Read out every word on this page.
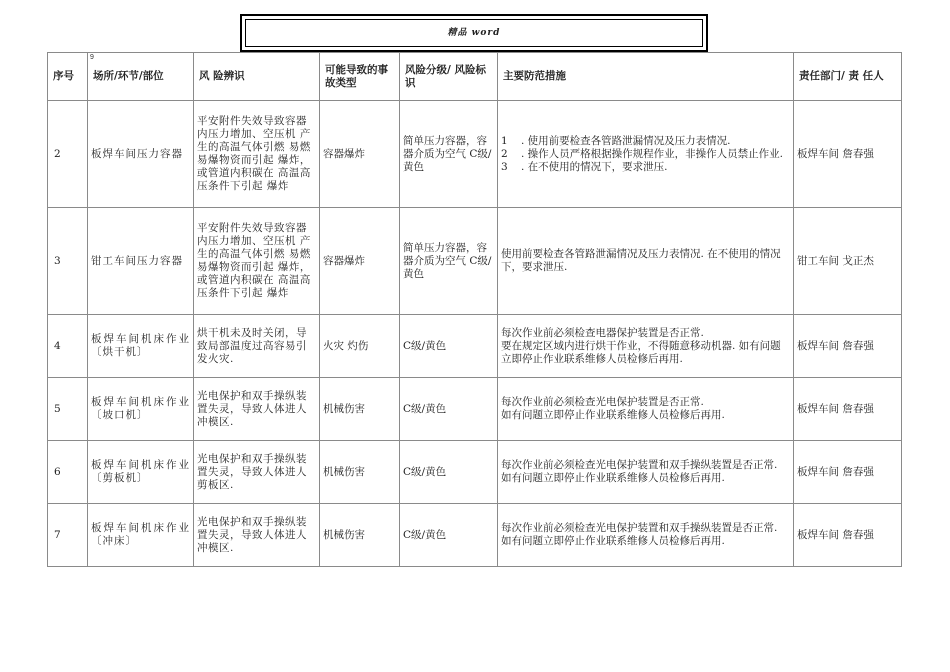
精品 word
9
序号	场所/环节/部位	风 险辨识	可能导致的事故类型	风险分级/ 风险标识	主要防范措施	责任部门/ 责 任人
2	板焊车间压力容器	平安附件失效导致容器内压力增加、空压机 产生的高温气体引燃 易燃易爆物资而引起 爆炸，或管道内积碳在 高温高压条件下引起 爆炸	容器爆炸	简单压力容器，容器介质为空气 C级/黄色	1 . 使用前要检查各管路泄漏情况及压力表情况.
2 . 操作人员严格根据操作规程作业，非操作人员禁止作业.
3 . 在不使用的情况下，要求泄压.	板焊车间 詹春强
3	钳工车间压力容器	平安附件失效导致容器内压力增加、空压机 产生的高温气体引燃 易燃易爆物资而引起 爆炸，或管道内积碳在 高温高压条件下引起 爆炸	容器爆炸	简单压力容器，容器介质为空气 C级/黄色	使用前要检查各管路泄漏情况及压力表情况. 在不使用的情况下，要求泄压.	钳工车间 戈正杰
4	板焊车间机床作业〔烘干机〕	烘干机未及时关闭，导致局部温度过高容易引发火灾.	火灾 灼伤	C级/黄色	每次作业前必须检查电器保护装置是否正常.
要在规定区域内进行烘干作业，不得随意移动机器. 如有问题立即停止作业联系维修人员检修后再用.	板焊车间 詹春强
5	板焊车间机床作业〔坡口机〕	光电保护和双手操纵装置失灵，导致人体进人冲模区.	机械伤害	C级/黄色	每次作业前必须检查光电保护装置是否正常.
如有问题立即停止作业联系维修人员检修后再用.	板焊车间 詹春强
6	板焊车间机床作业〔剪板机〕	光电保护和双手操纵装置失灵，导致人体进人剪板区.	机械伤害	C级/黄色	每次作业前必须检查光电保护装置和双手操纵装置是否正常.
如有问题立即停止作业联系维修人员检修后再用.	板焊车间 詹春强
7	板焊车间机床作业〔冲床〕	光电保护和双手操纵装置失灵，导致人体进人冲模区.	机械伤害	C级/黄色	每次作业前必须检查光电保护装置和双手操纵装置是否正常.
如有问题立即停止作业联系维修人员检修后再用.	板焊车间 詹春强
